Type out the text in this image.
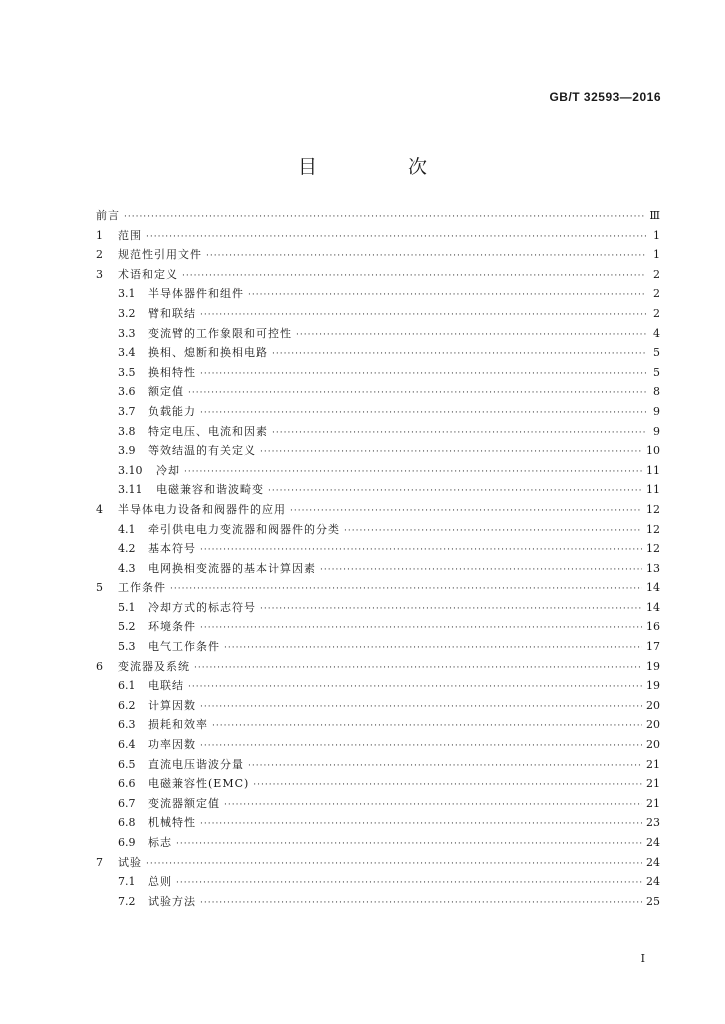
GB/T 32593—2016
目　次
前言 ·····	Ⅲ
1	范围 ·····	1
2	规范性引用文件 ·····	1
3	术语和定义 ·····	2
3.1	半导体器件和组件 ·····	2
3.2	臂和联结 ·····	2
3.3	变流臂的工作象限和可控性 ·····	4
3.4	换相、熄断和换相电路 ·····	5
3.5	换相特性 ·····	5
3.6	额定值 ·····	8
3.7	负载能力 ·····	9
3.8	特定电压、电流和因素 ·····	9
3.9	等效结温的有关定义 ·····	10
3.10	冷却 ·····	11
3.11	电磁兼容和谐波畸变 ·····	11
4	半导体电力设备和阀器件的应用 ·····	12
4.1	牵引供电电力变流器和阀器件的分类 ·····	12
4.2	基本符号 ·····	12
4.3	电网换相变流器的基本计算因素 ·····	13
5	工作条件 ·····	14
5.1	冷却方式的标志符号 ·····	14
5.2	环境条件 ·····	16
5.3	电气工作条件 ·····	17
6	变流器及系统 ·····	19
6.1	电联结 ·····	19
6.2	计算因数 ·····	20
6.3	损耗和效率 ·····	20
6.4	功率因数 ·····	20
6.5	直流电压谐波分量 ·····	21
6.6	电磁兼容性(EMC) ·····	21
6.7	变流器额定值 ·····	21
6.8	机械特性 ·····	23
6.9	标志 ·····	24
7	试验 ·····	24
7.1	总则 ·····	24
7.2	试验方法 ·····	25
I
